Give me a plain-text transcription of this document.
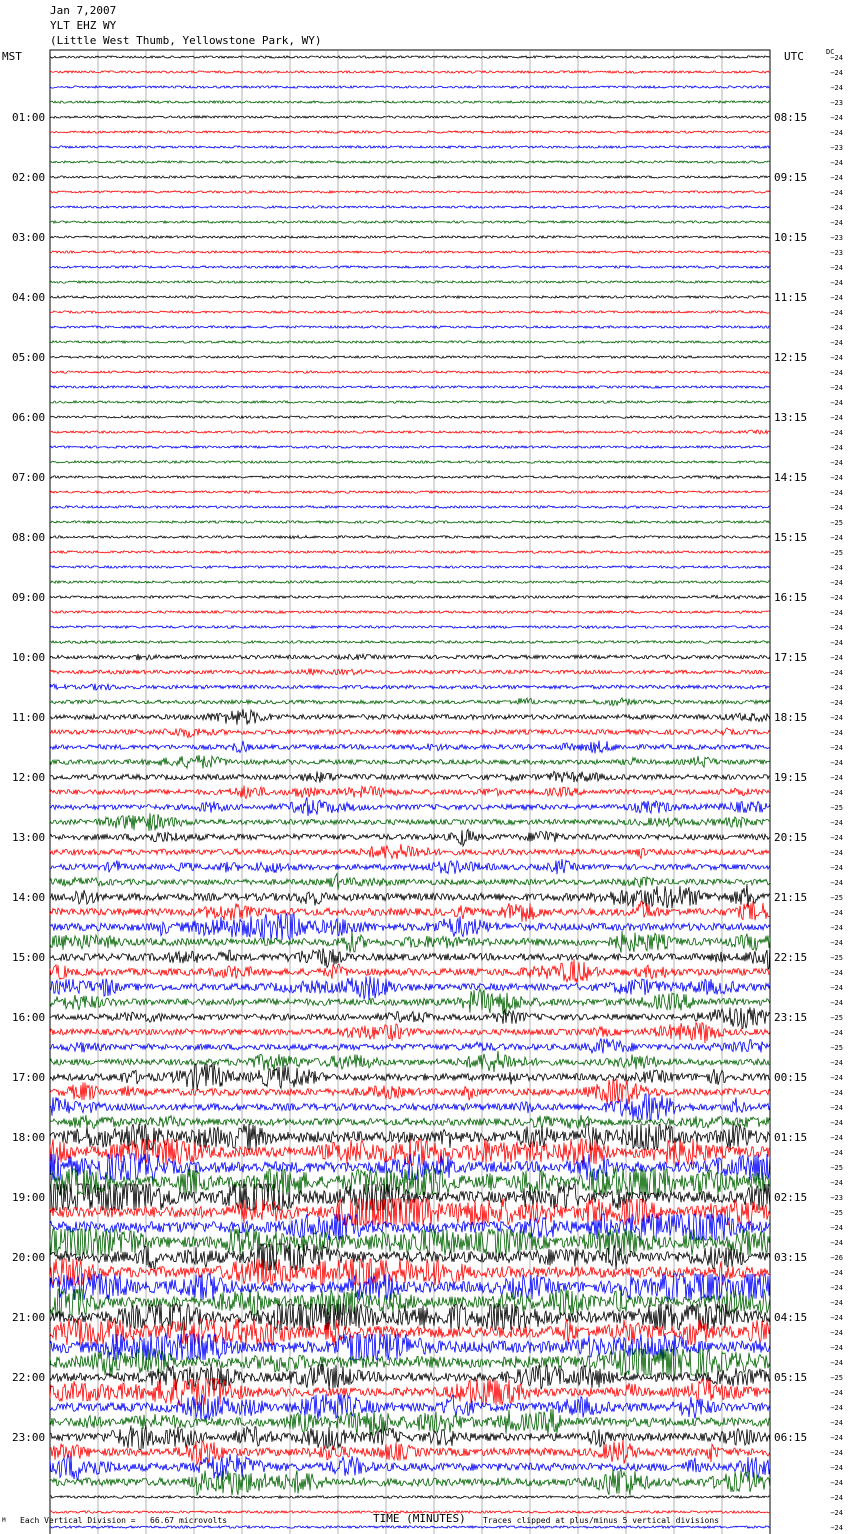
−24
−24
−24
−23
−24
−24
−23
−24
−24
−24
−24
−24
−23
−23
−24
−24
−24
−24
−24
−24
−24
−24
−24
−24
−24
−24
−24
−24
−24
−24
−24
−25
−24
−25
−24
−24
−24
−24
−24
−24
−24
−24
−24
−24
−24
−24
−24
−24
−24
−24
−25
−24
−24
−24
−24
−24
−25
−24
−24
−24
−25
−24
−24
−24
−25
−24
−25
−24
−24
−24
−24
−24
−24
−24
−25
−24
−23
−25
−24
−24
−26
−24
−24
−24
−24
−24
−24
−24
−25
−24
−24
−24
−24
−24
−24
−24
−24
−24
−24
01:00
02:00
03:00
04:00
05:00
06:00
07:00
08:00
09:00
10:00
11:00
12:00
13:00
14:00
15:00
16:00
17:00
18:00
19:00
20:00
21:00
22:00
23:00
08:15
09:15
10:15
11:15
12:15
13:15
14:15
15:15
16:15
17:15
18:15
19:15
20:15
21:15
22:15
23:15
00:15
01:15
02:15
03:15
04:15
05:15
06:15
Jan 7,2007
YLT EHZ WY
(Little West Thumb, Yellowstone Park, WY)
MST	UTC	DC
TIME (MINUTES)
M Each Vertical Division =   66.67 microvolts	Traces clipped at plus/minus 5 vertical divisions
